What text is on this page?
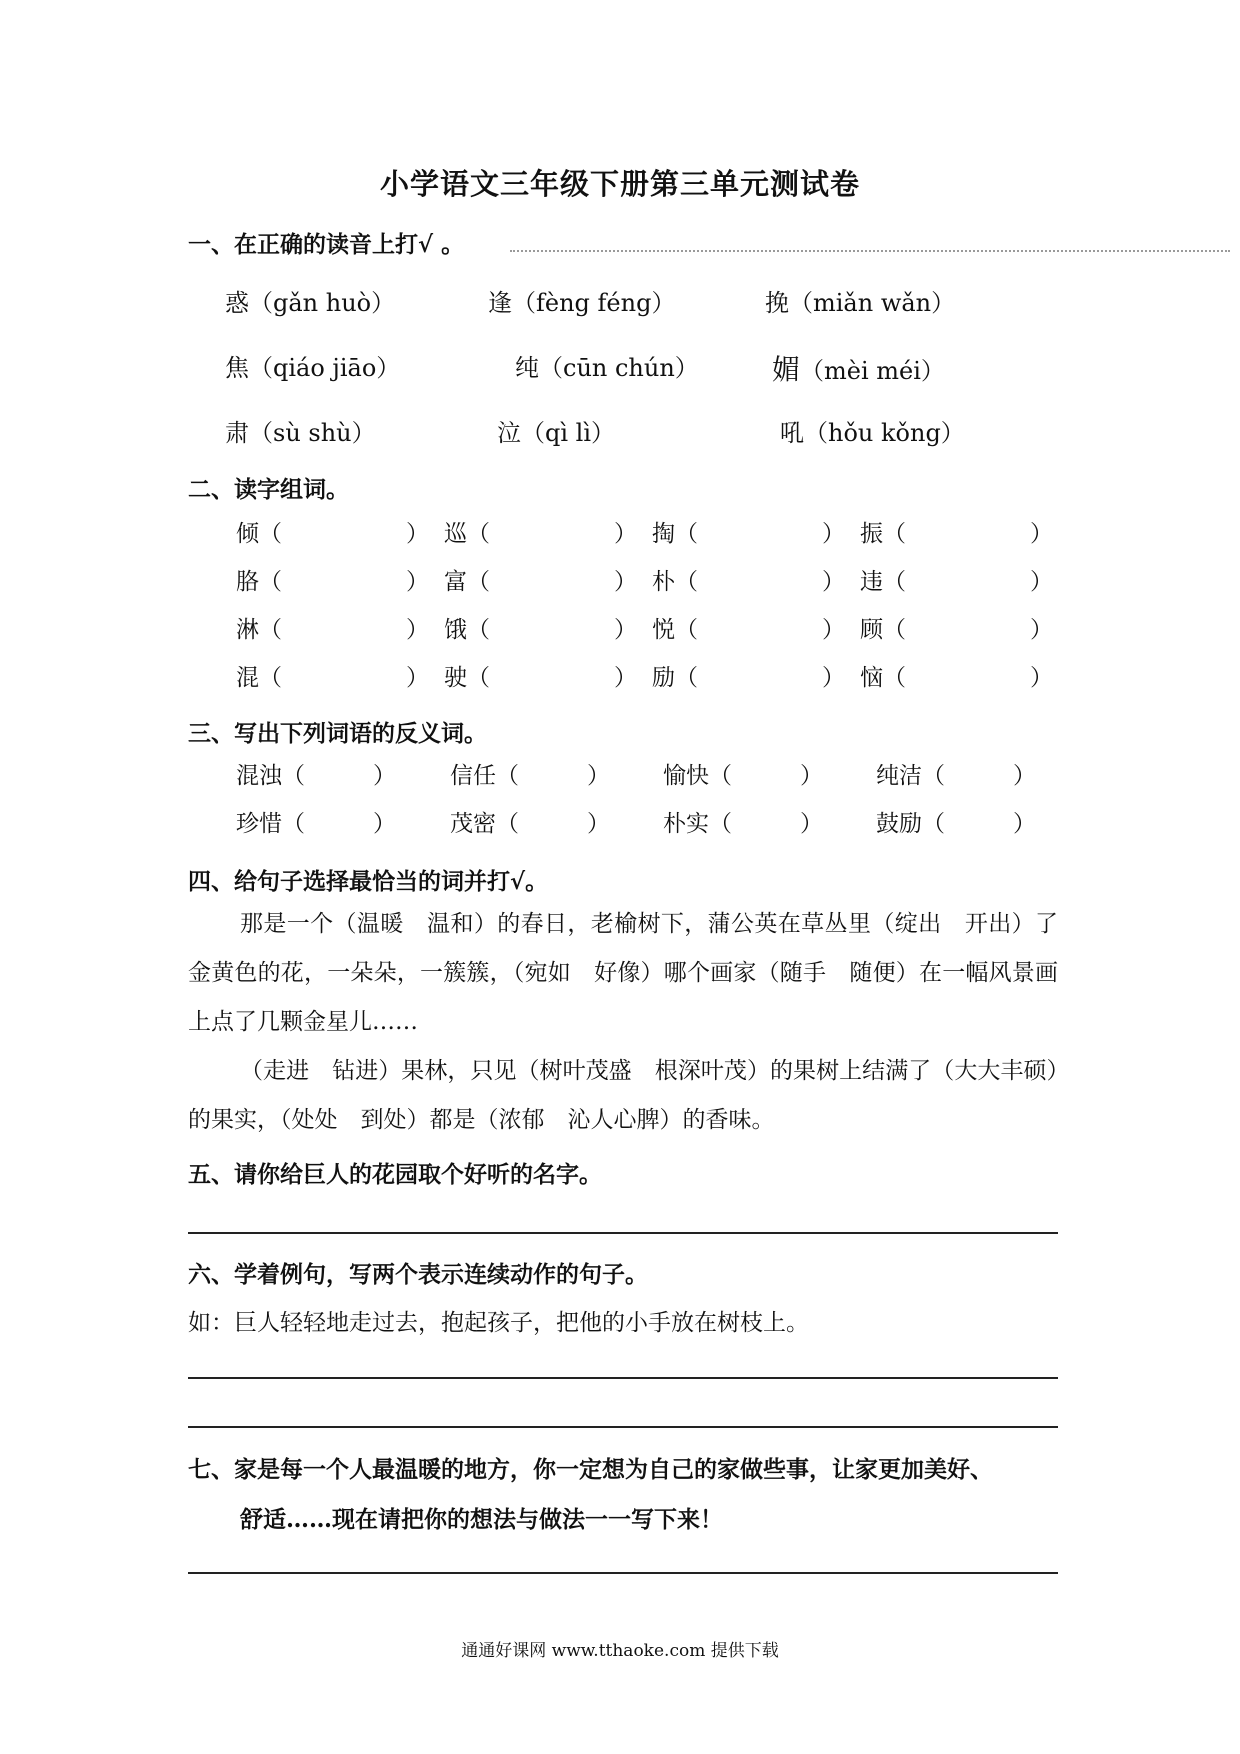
小学语文三年级下册第三单元测试卷
一、在正确的读音上打√ 。
惑（gǎn huò）	逢（fèng féng）	挽（miǎn wǎn）
焦（qiáo jiāo）	纯（cūn chún）	媚（mèi méi）
肃（sù shù）	泣（qì lì）	吼（hǒu kǒng）
二、读字组词。
倾（	） 巡（	） 掏（	） 振（	）
胳（	） 富（	） 朴（	） 违（	）
淋（	） 饿（	） 悦（	） 顾（	）
混（	） 驶（	） 励（	） 恼（	）
三、写出下列词语的反义词。
混浊（	） 信任（	） 愉快（	） 纯洁（	）
珍惜（	） 茂密（	） 朴实（	） 鼓励（	）
四、给句子选择最恰当的词并打√。
那是一个（温暖　温和）的春日，老榆树下，蒲公英在草丛里（绽出　开出）了金黄色的花，一朵朵，一簇簇，（宛如　好像）哪个画家（随手　随便）在一幅风景画上点了几颗金星儿……
（走进　钻进）果林，只见（树叶茂盛　根深叶茂）的果树上结满了（大大丰硕）的果实，（处处　到处）都是（浓郁　沁人心脾）的香味。
五、请你给巨人的花园取个好听的名字。
六、学着例句，写两个表示连续动作的句子。
如：巨人轻轻地走过去，抱起孩子，把他的小手放在树枝上。
七、家是每一个人最温暖的地方，你一定想为自己的家做些事，让家更加美好、
舒适……现在请把你的想法与做法一一写下来！
通通好课网 www.tthaoke.com 提供下载
